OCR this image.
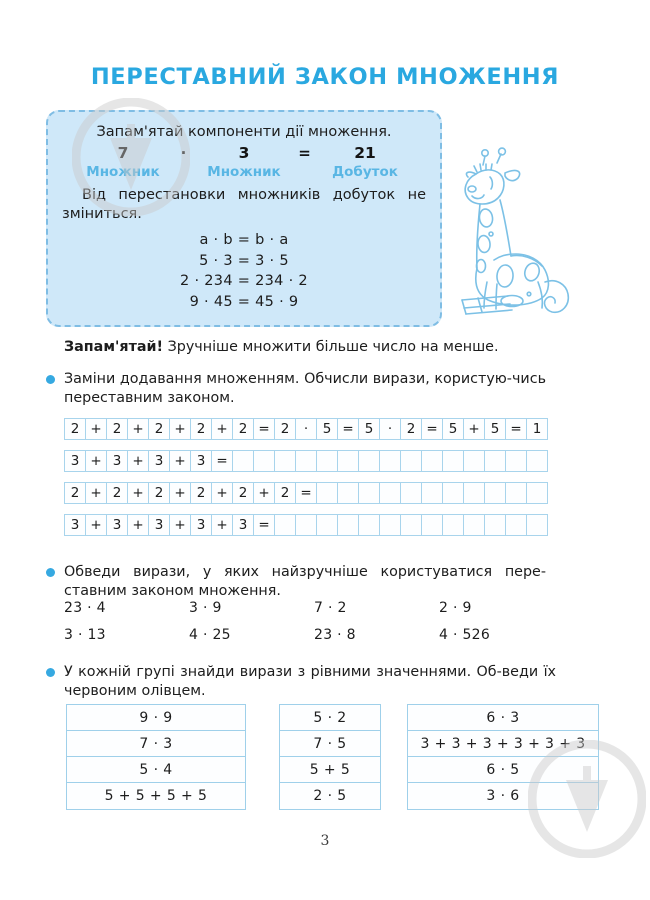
ПЕРЕСТАВНИЙ ЗАКОН МНОЖЕННЯ
Запам'ятай компоненти дії множення.
7	·	3	=	21
Множник	Множник	Добуток
Від перестановки множників добуток не зміниться.
a · b = b · a
5 · 3 = 3 · 5
2 · 234 = 234 · 2
9 · 45 = 45 · 9
Запам'ятай! Зручніше множити більше число на менше.
Заміни додавання множенням. Обчисли вирази, користую-чись переставним законом.
2 + 2 + 2 + 2 + 2 = 2	·	5 = 5	·	2 = 5 + 5 = 1
3 + 3 + 3 + 3 =
2 + 2 + 2 + 2 + 2 + 2 =
3 + 3 + 3 + 3 + 3 =
Обведи вирази, у яких найзручніше користуватися пере-ставним законом множення.
23 · 4	3 · 9	7 · 2	2 · 9
3 · 13	4 · 25	23 · 8	4 · 526
У кожній групі знайди вирази з рівними значеннями. Об-веди їх червоним олівцем.
9 · 9
7 · 3
5 · 4
5 + 5 + 5 + 5
5 · 2
7 · 5
5 + 5
2 · 5
6 · 3
3 + 3 + 3 + 3 + 3 + 3
6 · 5
3 · 6
3
